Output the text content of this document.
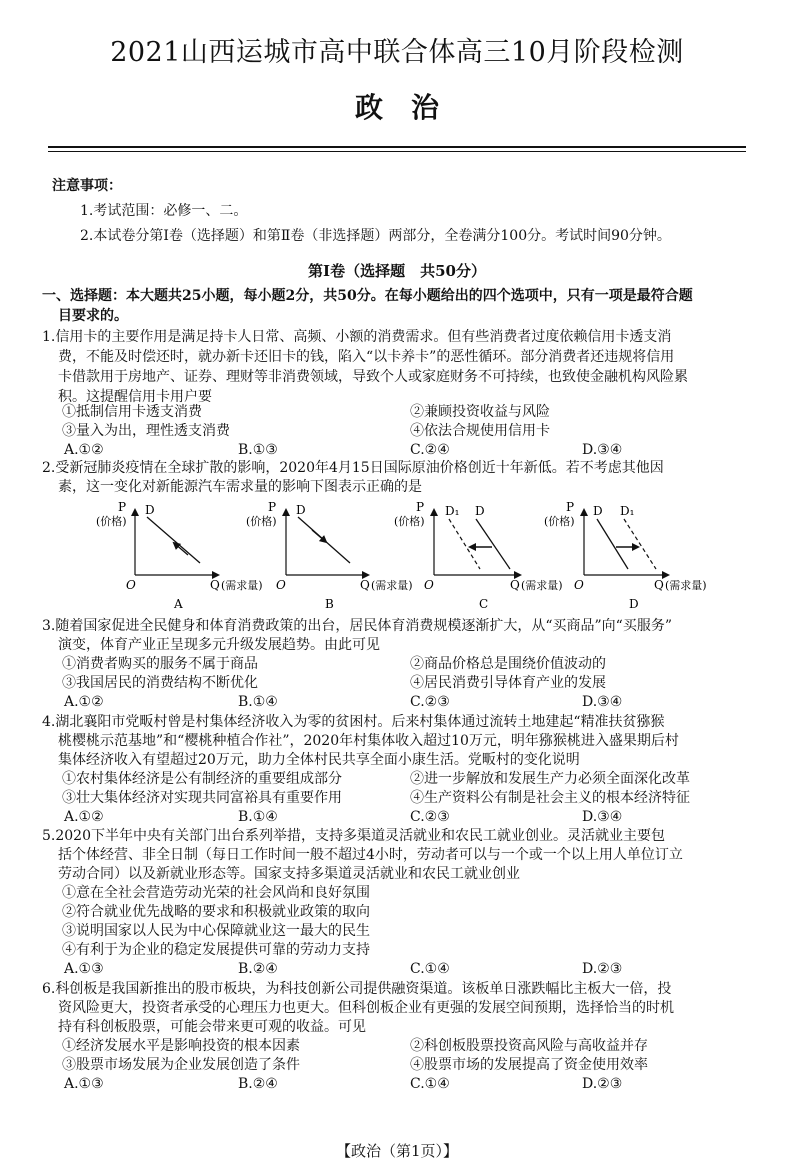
2021山西运城市高中联合体高三10月阶段检测
政治
注意事项：
1.考试范围：必修一、二。
2.本试卷分第Ⅰ卷（选择题）和第Ⅱ卷（非选择题）两部分，全卷满分100分。考试时间90分钟。
第Ⅰ卷（选择题　共50分）
一、选择题：本大题共25小题，每小题2分，共50分。在每小题给出的四个选项中，只有一项是最符合题
目要求的。
1.信用卡的主要作用是满足持卡人日常、高频、小额的消费需求。但有些消费者过度依赖信用卡透支消
费，不能及时偿还时，就办新卡还旧卡的钱，陷入“以卡养卡”的恶性循环。部分消费者还违规将信用
卡借款用于房地产、证券、理财等非消费领域，导致个人或家庭财务不可持续，也致使金融机构风险累
积。这提醒信用卡用户要
①抵制信用卡透支消费	②兼顾投资收益与风险
③量入为出，理性透支消费	④依法合规使用信用卡
A.①②	B.①③	C.②④	D.③④
2.受新冠肺炎疫情在全球扩散的影响，2020年4月15日国际原油价格创近十年新低。若不考虑其他因
素，这一变化对新能源汽车需求量的影响下图表示正确的是
P
(价格)
O	Q (需求量)
D
A
P
(价格)
O	Q (需求量)
D
B
P
(价格)
O	Q (需求量)
D₁ D
C
P
(价格)
O	Q (需求量)
D D₁
D
3.随着国家促进全民健身和体育消费政策的出台，居民体育消费规模逐渐扩大，从“买商品”向“买服务”
演变，体育产业正呈现多元升级发展趋势。由此可见
①消费者购买的服务不属于商品	②商品价格总是围绕价值波动的
③我国居民的消费结构不断优化	④居民消费引导体育产业的发展
A.①②	B.①④	C.②③	D.③④
4.湖北襄阳市党畈村曾是村集体经济收入为零的贫困村。后来村集体通过流转土地建起“精准扶贫猕猴
桃樱桃示范基地”和“樱桃种植合作社”，2020年村集体收入超过10万元，明年猕猴桃进入盛果期后村
集体经济收入有望超过20万元，助力全体村民共享全面小康生活。党畈村的变化说明
①农村集体经济是公有制经济的重要组成部分	②进一步解放和发展生产力必须全面深化改革
③壮大集体经济对实现共同富裕具有重要作用	④生产资料公有制是社会主义的根本经济特征
A.①②	B.①④	C.②③	D.③④
5.2020下半年中央有关部门出台系列举措，支持多渠道灵活就业和农民工就业创业。灵活就业主要包
括个体经营、非全日制（每日工作时间一般不超过4小时，劳动者可以与一个或一个以上用人单位订立
劳动合同）以及新就业形态等。国家支持多渠道灵活就业和农民工就业创业
①意在全社会营造劳动光荣的社会风尚和良好氛围
②符合就业优先战略的要求和积极就业政策的取向
③说明国家以人民为中心保障就业这一最大的民生
④有利于为企业的稳定发展提供可靠的劳动力支持
A.①③	B.②④	C.①④	D.②③
6.科创板是我国新推出的股市板块，为科技创新公司提供融资渠道。该板单日涨跌幅比主板大一倍，投
资风险更大，投资者承受的心理压力也更大。但科创板企业有更强的发展空间预期，选择恰当的时机
持有科创板股票，可能会带来更可观的收益。可见
①经济发展水平是影响投资的根本因素	②科创板股票投资高风险与高收益并存
③股票市场发展为企业发展创造了条件	④股票市场的发展提高了资金使用效率
A.①③	B.②④	C.①④	D.②③
【政治（第1页）】
